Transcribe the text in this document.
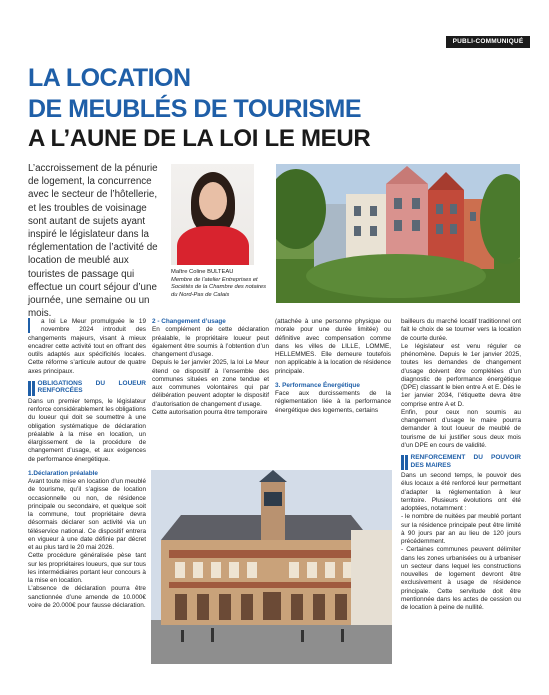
PUBLI-COMMUNIQUÉ
LA LOCATION
DE MEUBLÉS DE TOURISME
A L’AUNE DE LA LOI LE MEUR

L’accroissement de la pénurie de logement, la concurrence avec le secteur de l’hôtellerie, et les troubles de voisinage sont autant de sujets ayant inspiré le législateur dans la réglementation de l’activité de location de meublé aux touristes de passage qui effectue un court séjour d’une journée, une semaine ou un mois.

Maître Coline BULTEAU
Membre de l’atelier Entreprises et Sociétés de la Chambre des notaires du Nord-Pas de Calais

a loi Le Meur promulguée le 19 novembre 2024 introduit des changements majeurs, visant à mieux encadrer cette activité tout en offrant des outils adaptés aux spécificités locales. Cette réforme s’articule autour de quatre axes principaux.

OBLIGATIONS DU LOUEUR RENFORCÉES

Dans un premier temps, le législateur renforce considérablement les obligations du loueur qui doit se soumettre à une obligation systématique de déclaration préalable à la mise en location, un élargissement de la procédure de changement d’usage, et aux exigences de performance énergétique.

1.Déclaration préalable

Avant toute mise en location d’un meublé de tourisme, qu’il s’agisse de location occasionnelle ou non, de résidence principale ou secondaire, et quelque soit la commune, tout propriétaire devra désormais déclarer son activité via un téléservice national. Ce dispositif entrera en vigueur à une date définie par décret et au plus tard le 20 mai 2026.

Cette procédure généralisée pèse tant sur les propriétaires loueurs, que sur tous les intermédiaires portant leur concours à la mise en location.

L’absence de déclaration pourra être sanctionnée d’une amende de 10.000€ voire de 20.000€ pour fausse déclaration.

2 - Changement d’usage

En complément de cette déclaration préalable, le propriétaire loueur peut également être soumis à l’obtention d’un changement d’usage.

Depuis le 1er janvier 2025, la loi Le Meur étend ce dispositif à l’ensemble des communes situées en zone tendue et aux communes volontaires qui par délibération peuvent adopter le dispositif d’autorisation de changement d’usage.

Cette autorisation pourra être temporaire

(attachée à une personne physique ou morale pour une durée limitée) ou définitive avec compensation comme dans les villes de LILLE, LOMME, HELLEMMES. Elle demeure toutefois non applicable à la location de résidence principale.

3. Performance Énergétique

Face aux durcissements de la réglementation liée à la performance énergétique des logements, certains

bailleurs du marché locatif traditionnel ont fait le choix de se tourner vers la location de courte durée.

Le législateur est venu réguler ce phénomène. Depuis le 1er janvier 2025, toutes les demandes de changement d’usage doivent être complétées d’un diagnostic de performance énergétique (DPE) classant le bien entre A et E. Dès le 1er janvier 2034, l’étiquette devra être comprise entre A et D.

Enfin, pour ceux non soumis au changement d’usage le maire pourra demander à tout loueur de meublé de tourisme de lui justifier sous deux mois d’un DPE en cours de validité.

RENFORCEMENT DU POUVOIR DES MAIRES

Dans un second temps, le pouvoir des élus locaux a été renforcé leur permettant d’adapter la réglementation à leur territoire. Plusieurs évolutions ont été adoptées, notamment :

- le nombre de nuitées par meublé portant sur la résidence principale peut être limité à 90 jours par an au lieu de 120 jours précédemment.

- Certaines communes peuvent délimiter dans les zones urbanisées ou à urbaniser un secteur dans lequel les constructions nouvelles de logement devront être exclusivement à usage de résidence principale. Cette servitude doit être mentionnée dans les actes de cession ou de location à peine de nullité.
